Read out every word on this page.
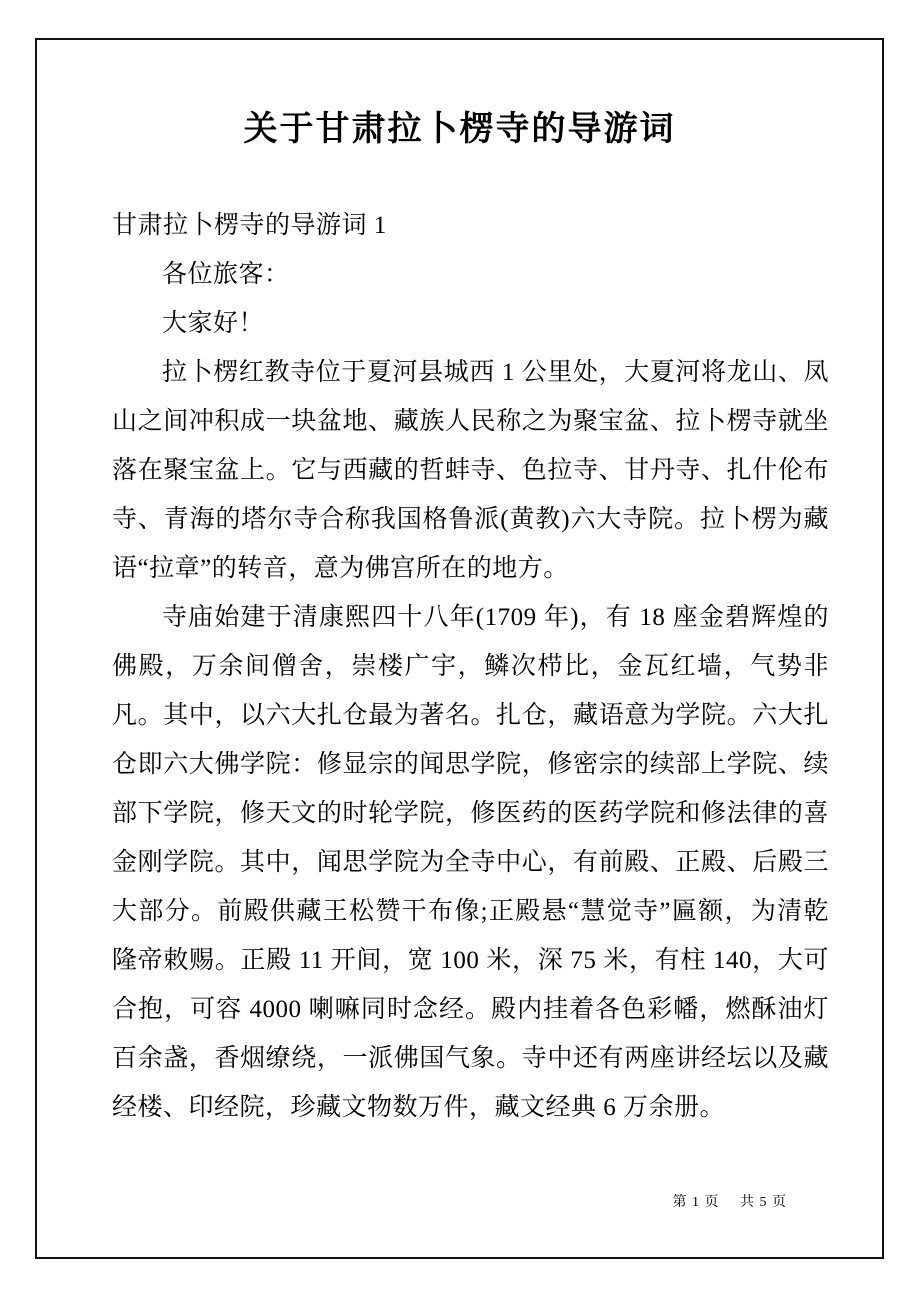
关于甘肃拉卜楞寺的导游词

甘肃拉卜楞寺的导游词 1

各位旅客：

大家好！

拉卜楞红教寺位于夏河县城西 1 公里处，大夏河将龙山、凤山之间冲积成一块盆地、藏族人民称之为聚宝盆、拉卜楞寺就坐落在聚宝盆上。它与西藏的哲蚌寺、色拉寺、甘丹寺、扎什伦布寺、青海的塔尔寺合称我国格鲁派(黄教)六大寺院。拉卜楞为藏语“拉章”的转音，意为佛宫所在的地方。

寺庙始建于清康熙四十八年(1709 年)，有 18 座金碧辉煌的佛殿，万余间僧舍，崇楼广宇，鳞次栉比，金瓦红墙，气势非凡。其中，以六大扎仓最为著名。扎仓，藏语意为学院。六大扎仓即六大佛学院：修显宗的闻思学院，修密宗的续部上学院、续部下学院，修天文的时轮学院，修医药的医药学院和修法律的喜金刚学院。其中，闻思学院为全寺中心，有前殿、正殿、后殿三大部分。前殿供藏王松赞干布像;正殿悬“慧觉寺”匾额，为清乾隆帝敕赐。正殿 11 开间，宽 100 米，深 75 米，有柱 140，大可合抱，可容 4000 喇嘛同时念经。殿内挂着各色彩幡，燃酥油灯百余盏，香烟缭绕，一派佛国气象。寺中还有两座讲经坛以及藏经楼、印经院，珍藏文物数万件，藏文经典 6 万余册。

第 1 页 共 5 页
